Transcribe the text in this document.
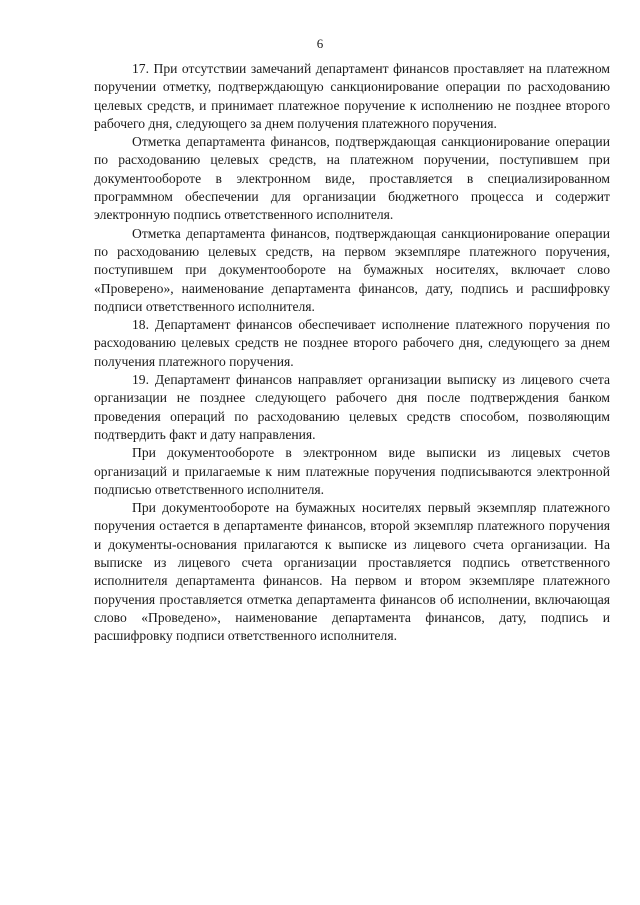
6

17. При отсутствии замечаний департамент финансов проставляет на платежном поручении отметку, подтверждающую санкционирование операции по расходованию целевых средств, и принимает платежное поручение к исполнению не позднее второго рабочего дня, следующего за днем получения платежного поручения.

Отметка департамента финансов, подтверждающая санкционирование операции по расходованию целевых средств, на платежном поручении, поступившем при документообороте в электронном виде, проставляется в специализированном программном обеспечении для организации бюджетного процесса и содержит электронную подпись ответственного исполнителя.

Отметка департамента финансов, подтверждающая санкционирование операции по расходованию целевых средств, на первом экземпляре платежного поручения, поступившем при документообороте на бумажных носителях, включает слово «Проверено», наименование департамента финансов, дату, подпись и расшифровку подписи ответственного исполнителя.

18. Департамент финансов обеспечивает исполнение платежного поручения по расходованию целевых средств не позднее второго рабочего дня, следующего за днем получения платежного поручения.

19. Департамент финансов направляет организации выписку из лицевого счета организации не позднее следующего рабочего дня после подтверждения банком проведения операций по расходованию целевых средств способом, позволяющим подтвердить факт и дату направления.

При документообороте в электронном виде выписки из лицевых счетов организаций и прилагаемые к ним платежные поручения подписываются электронной подписью ответственного исполнителя.

При документообороте на бумажных носителях первый экземпляр платежного поручения остается в департаменте финансов, второй экземпляр платежного поручения и документы-основания прилагаются к выписке из лицевого счета организации. На выписке из лицевого счета организации проставляется подпись ответственного исполнителя департамента финансов. На первом и втором экземпляре платежного поручения проставляется отметка департамента финансов об исполнении, включающая слово «Проведено», наименование департамента финансов, дату, подпись и расшифровку подписи ответственного исполнителя.
